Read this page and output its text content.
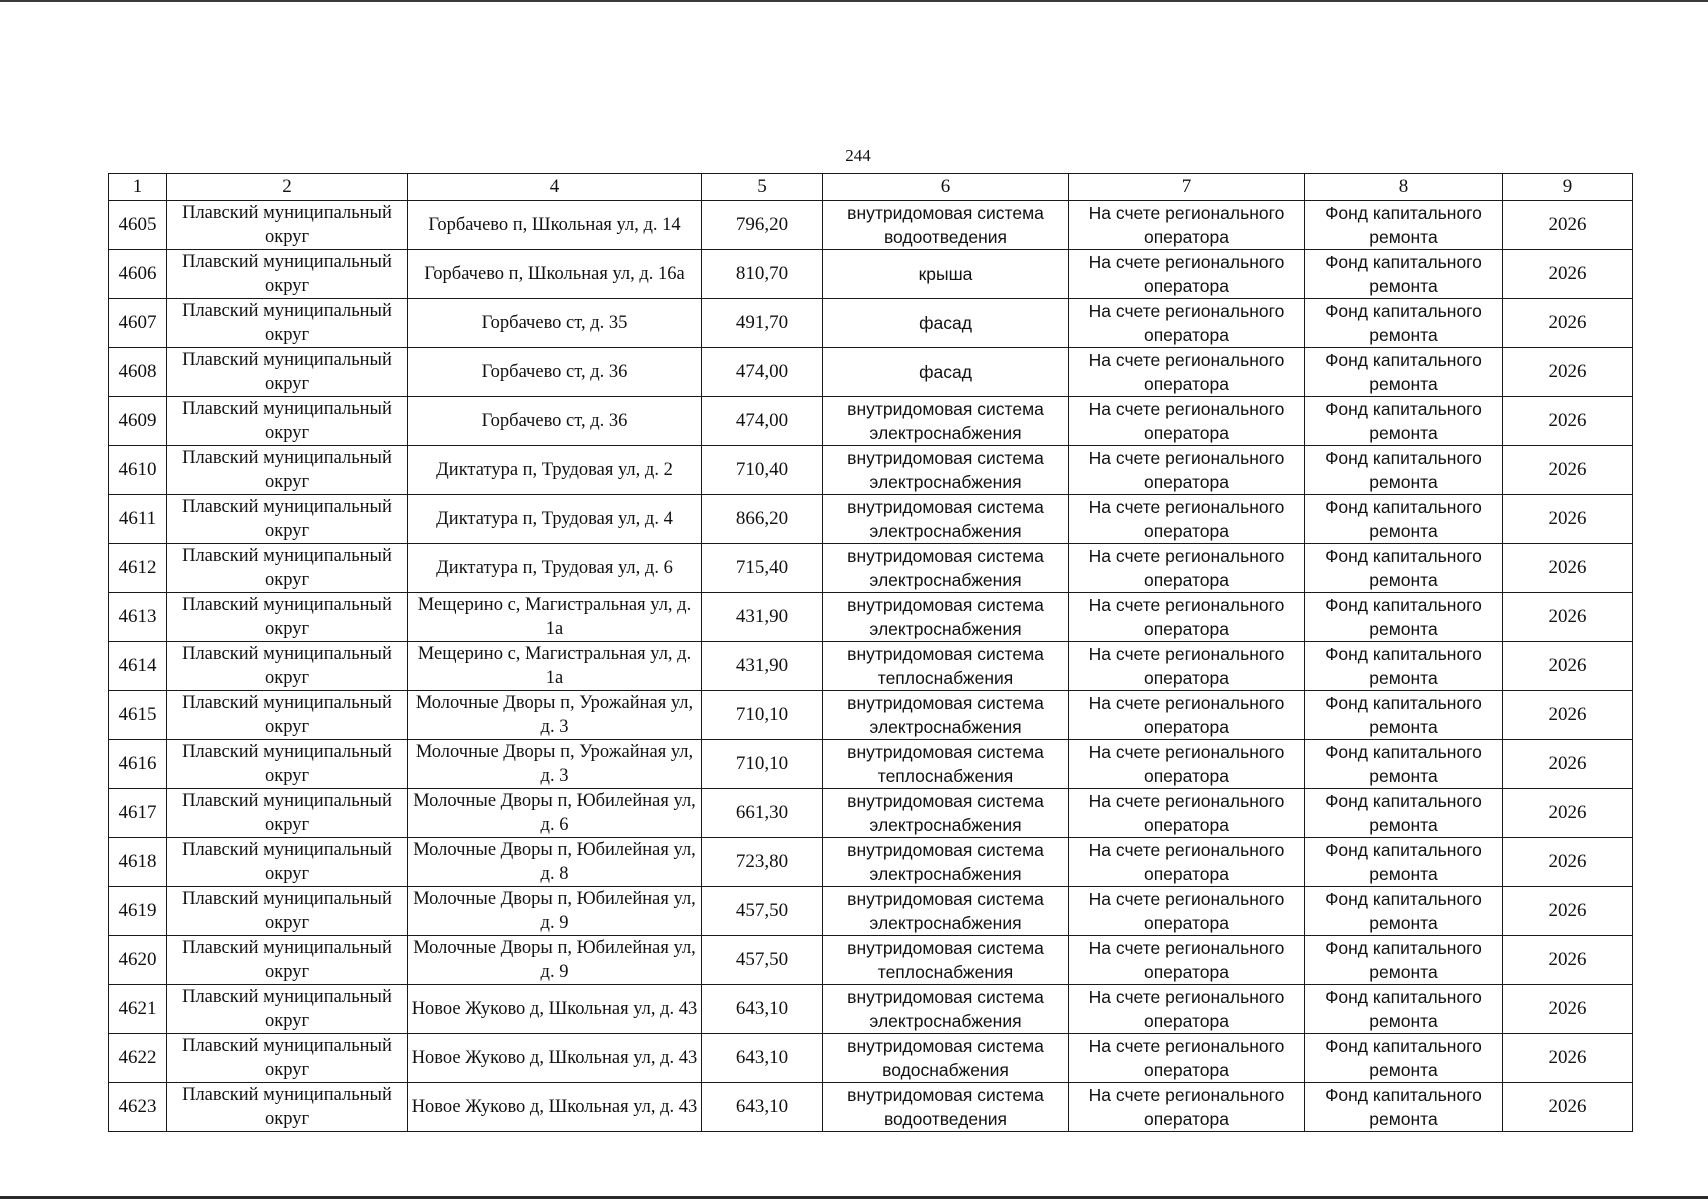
244
1	2	4	5	6	7	8	9
4605	Плавский муниципальный округ	Горбачево п, Школьная ул, д. 14	796,20	внутридомовая система водоотведения	На счете регионального оператора	Фонд капитального ремонта	2026
4606	Плавский муниципальный округ	Горбачево п, Школьная ул, д. 16а	810,70	крыша	На счете регионального оператора	Фонд капитального ремонта	2026
4607	Плавский муниципальный округ	Горбачево ст, д. 35	491,70	фасад	На счете регионального оператора	Фонд капитального ремонта	2026
4608	Плавский муниципальный округ	Горбачево ст, д. 36	474,00	фасад	На счете регионального оператора	Фонд капитального ремонта	2026
4609	Плавский муниципальный округ	Горбачево ст, д. 36	474,00	внутридомовая система электроснабжения	На счете регионального оператора	Фонд капитального ремонта	2026
4610	Плавский муниципальный округ	Диктатура п, Трудовая ул, д. 2	710,40	внутридомовая система электроснабжения	На счете регионального оператора	Фонд капитального ремонта	2026
4611	Плавский муниципальный округ	Диктатура п, Трудовая ул, д. 4	866,20	внутридомовая система электроснабжения	На счете регионального оператора	Фонд капитального ремонта	2026
4612	Плавский муниципальный округ	Диктатура п, Трудовая ул, д. 6	715,40	внутридомовая система электроснабжения	На счете регионального оператора	Фонд капитального ремонта	2026
4613	Плавский муниципальный округ	Мещерино с, Магистральная ул, д. 1а	431,90	внутридомовая система электроснабжения	На счете регионального оператора	Фонд капитального ремонта	2026
4614	Плавский муниципальный округ	Мещерино с, Магистральная ул, д. 1а	431,90	внутридомовая система теплоснабжения	На счете регионального оператора	Фонд капитального ремонта	2026
4615	Плавский муниципальный округ	Молочные Дворы п, Урожайная ул, д. 3	710,10	внутридомовая система электроснабжения	На счете регионального оператора	Фонд капитального ремонта	2026
4616	Плавский муниципальный округ	Молочные Дворы п, Урожайная ул, д. 3	710,10	внутридомовая система теплоснабжения	На счете регионального оператора	Фонд капитального ремонта	2026
4617	Плавский муниципальный округ	Молочные Дворы п, Юбилейная ул, д. 6	661,30	внутридомовая система электроснабжения	На счете регионального оператора	Фонд капитального ремонта	2026
4618	Плавский муниципальный округ	Молочные Дворы п, Юбилейная ул, д. 8	723,80	внутридомовая система электроснабжения	На счете регионального оператора	Фонд капитального ремонта	2026
4619	Плавский муниципальный округ	Молочные Дворы п, Юбилейная ул, д. 9	457,50	внутридомовая система электроснабжения	На счете регионального оператора	Фонд капитального ремонта	2026
4620	Плавский муниципальный округ	Молочные Дворы п, Юбилейная ул, д. 9	457,50	внутридомовая система теплоснабжения	На счете регионального оператора	Фонд капитального ремонта	2026
4621	Плавский муниципальный округ	Новое Жуково д, Школьная ул, д. 43	643,10	внутридомовая система электроснабжения	На счете регионального оператора	Фонд капитального ремонта	2026
4622	Плавский муниципальный округ	Новое Жуково д, Школьная ул, д. 43	643,10	внутридомовая система водоснабжения	На счете регионального оператора	Фонд капитального ремонта	2026
4623	Плавский муниципальный округ	Новое Жуково д, Школьная ул, д. 43	643,10	внутридомовая система водоотведения	На счете регионального оператора	Фонд капитального ремонта	2026
